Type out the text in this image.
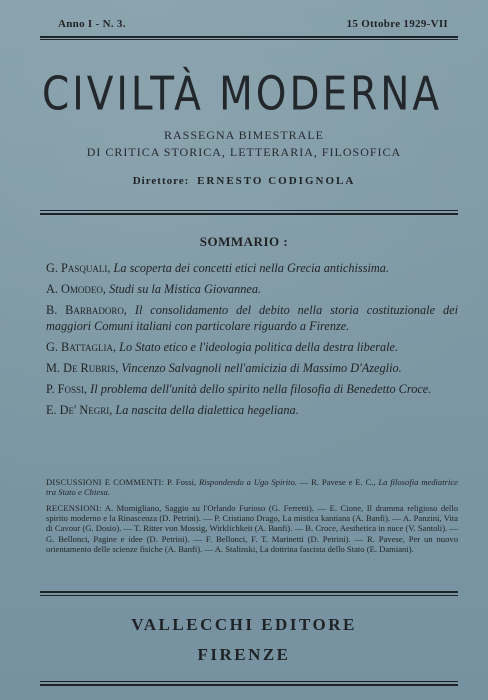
Anno I - N. 3.	15 Ottobre 1929-VII
CIVILTÀ MODERNA
RASSEGNA BIMESTRALE
DI CRITICA STORICA, LETTERARIA, FILOSOFICA
Direttore: ERNESTO CODIGNOLA
SOMMARIO :
G. Pasquali, La scoperta dei concetti etici nella Grecia antichissima.
A. Omodeo, Studi su la Mistica Giovannea.
B. Barbadoro, Il consolidamento del debito nella storia costituzionale dei maggiori Comuni italiani con particolare riguardo a Firenze.
G. Battaglia, Lo Stato etico e l'ideologia politica della destra liberale.
M. De Rubris, Vincenzo Salvagnoli nell'amicizia di Massimo D'Azeglio.
P. Fossi, Il problema dell'unità dello spirito nella filosofia di Benedetto Croce.
E. De' Negri, La nascita della dialettica hegeliana.
DISCUSSIONI E COMMENTI: P. Fossi, Rispondendo a Ugo Spirito. — R. Pavese e E. C., La filosofia mediatrice tra Stato e Chiesa.
RECENSIONI: A. Momigliano, Saggio su l'Orlando Furioso (G. Ferretti). — E. Cione, Il dramma religioso dello spirito moderno e la Rinascenza (D. Petrini). — P. Cristiano Drago, La mistica kantiana (A. Banfi). — A. Panzini, Vita di Cavour (G. Dosio). — T. Ritter von Mossig, Wirklichkeit (A. Banfi). — B. Croce, Aesthetica in nuce (V. Santoli). — G. Bellonci, Pagine e idee (D. Petrini). — F. Bellonci, F. T. Marinetti (D. Petrini). — R. Pavese, Per un nuovo orientamento delle scienze fisiche (A. Banfi). — A. Stalinski, La dottrina fascista dello Stato (E. Damiani).
VALLECCHI EDITORE
FIRENZE
